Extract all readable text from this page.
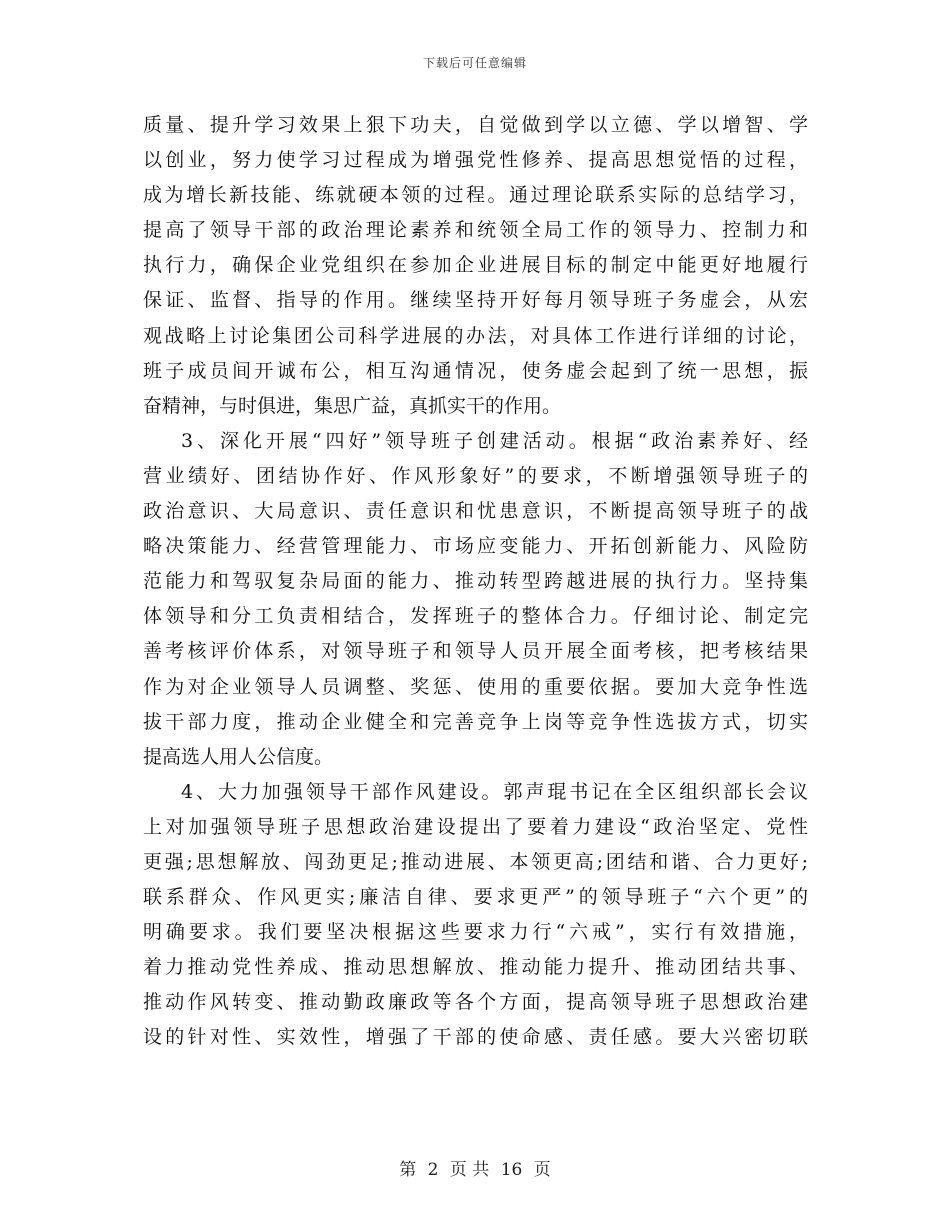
下载后可任意编辑
质量、提升学习效果上狠下功夫，自觉做到学以立德、学以增智、学
以创业，努力使学习过程成为增强党性修养、提高思想觉悟的过程，
成为增长新技能、练就硬本领的过程。通过理论联系实际的总结学习，
提高了领导干部的政治理论素养和统领全局工作的领导力、控制力和
执行力，确保企业党组织在参加企业进展目标的制定中能更好地履行
保证、监督、指导的作用。继续坚持开好每月领导班子务虚会，从宏
观战略上讨论集团公司科学进展的办法，对具体工作进行详细的讨论，
班子成员间开诚布公，相互沟通情况，使务虚会起到了统一思想，振
奋精神，与时俱进，集思广益，真抓实干的作用。
3、深化开展“四好”领导班子创建活动。根据“政治素养好、经
营业绩好、团结协作好、作风形象好”的要求，不断增强领导班子的
政治意识、大局意识、责任意识和忧患意识，不断提高领导班子的战
略决策能力、经营管理能力、市场应变能力、开拓创新能力、风险防
范能力和驾驭复杂局面的能力、推动转型跨越进展的执行力。坚持集
体领导和分工负责相结合，发挥班子的整体合力。仔细讨论、制定完
善考核评价体系，对领导班子和领导人员开展全面考核，把考核结果
作为对企业领导人员调整、奖惩、使用的重要依据。要加大竞争性选
拔干部力度，推动企业健全和完善竞争上岗等竞争性选拔方式，切实
提高选人用人公信度。
4、大力加强领导干部作风建设。郭声琨书记在全区组织部长会议
上对加强领导班子思想政治建设提出了要着力建设“政治坚定、党性
更强;思想解放、闯劲更足;推动进展、本领更高;团结和谐、合力更好;
联系群众、作风更实;廉洁自律、要求更严”的领导班子“六个更”的
明确要求。我们要坚决根据这些要求力行“六戒”，实行有效措施，
着力推动党性养成、推动思想解放、推动能力提升、推动团结共事、
推动作风转变、推动勤政廉政等各个方面，提高领导班子思想政治建
设的针对性、实效性，增强了干部的使命感、责任感。要大兴密切联
第 2 页 共 16 页
